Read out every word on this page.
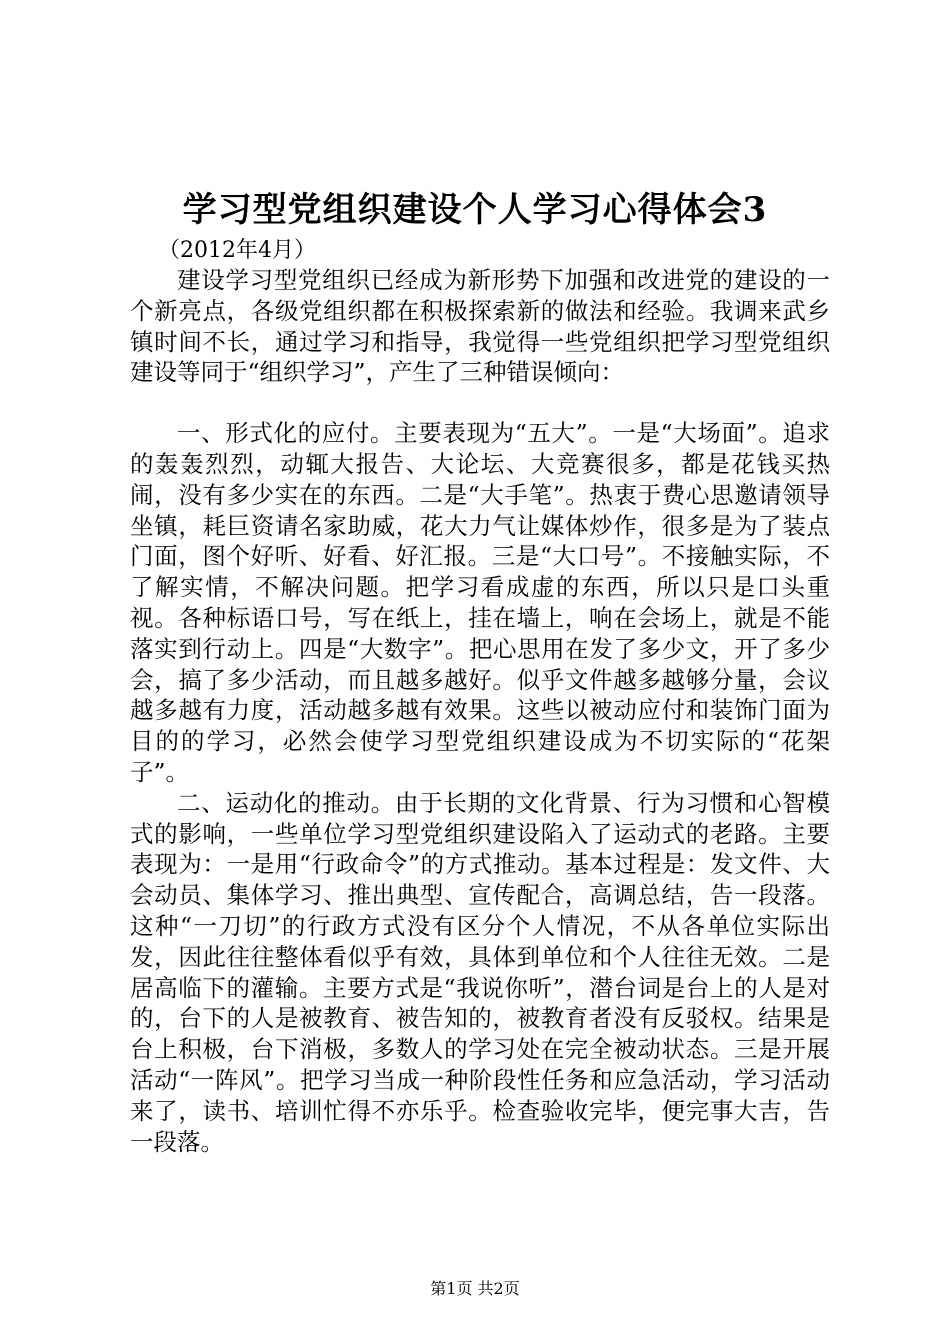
学习型党组织建设个人学习心得体会3
（2012年4月）

建设学习型党组织已经成为新形势下加强和改进党的建设的一个新亮点，各级党组织都在积极探索新的做法和经验。我调来武乡镇时间不长，通过学习和指导，我觉得一些党组织把学习型党组织建设等同于“组织学习”，产生了三种错误倾向：

一、形式化的应付。主要表现为“五大”。一是“大场面”。追求的轰轰烈烈，动辄大报告、大论坛、大竞赛很多，都是花钱买热闹，没有多少实在的东西。二是“大手笔”。热衷于费心思邀请领导坐镇，耗巨资请名家助威，花大力气让媒体炒作，很多是为了装点门面，图个好听、好看、好汇报。三是“大口号”。不接触实际，不了解实情，不解决问题。把学习看成虚的东西，所以只是口头重视。各种标语口号，写在纸上，挂在墙上，响在会场上，就是不能落实到行动上。四是“大数字”。把心思用在发了多少文，开了多少会，搞了多少活动，而且越多越好。似乎文件越多越够分量，会议越多越有力度，活动越多越有效果。这些以被动应付和装饰门面为目的的学习，必然会使学习型党组织建设成为不切实际的“花架子”。

二、运动化的推动。由于长期的文化背景、行为习惯和心智模式的影响，一些单位学习型党组织建设陷入了运动式的老路。主要表现为：一是用“行政命令”的方式推动。基本过程是：发文件、大会动员、集体学习、推出典型、宣传配合，高调总结，告一段落。这种“一刀切”的行政方式没有区分个人情况，不从各单位实际出发，因此往往整体看似乎有效，具体到单位和个人往往无效。二是居高临下的灌输。主要方式是“我说你听”，潜台词是台上的人是对的，台下的人是被教育、被告知的，被教育者没有反驳权。结果是台上积极，台下消极，多数人的学习处在完全被动状态。三是开展活动“一阵风”。把学习当成一种阶段性任务和应急活动，学习活动来了，读书、培训忙得不亦乐乎。检查验收完毕，便完事大吉，告一段落。

第1页 共2页
